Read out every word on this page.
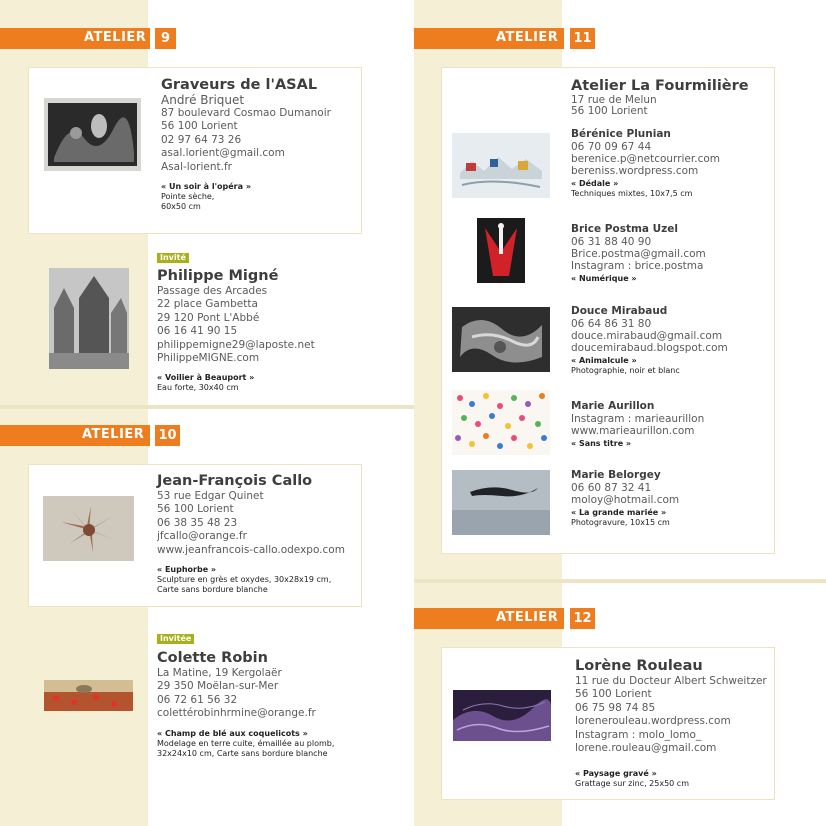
ATELIER	9
Graveurs de l'ASAL
André Briquet
87 boulevard Cosmao Dumanoir
56 100 Lorient
02 97 64 73 26
asal.lorient@gmail.com
Asal-lorient.fr
« Un soir à l'opéra »
Pointe sèche,
60x50 cm
Invité
Philippe Migné
Passage des Arcades
22 place Gambetta
29 120 Pont L'Abbé
06 16 41 90 15
philippemigne29@laposte.net
PhilippeMIGNE.com
« Voilier à Beauport »
Eau forte, 30x40 cm
ATELIER 10
Jean-François Callo
53 rue Edgar Quinet
56 100 Lorient
06 38 35 48 23
jfcallo@orange.fr
www.jeanfrancois-callo.odexpo.com
« Euphorbe »
Sculpture en grès et oxydes, 30x28x19 cm,
Carte sans bordure blanche
Invitée
Colette Robin
La Matine, 19 Kergolaër
29 350 Moëlan-sur-Mer
06 72 61 56 32
colettérobinhrmine@orange.fr
« Champ de blé aux coquelicots »
Modelage en terre cuite, émaillée au plomb,
32x24x10 cm, Carte sans bordure blanche
ATELIER 11
Atelier La Fourmilière
17 rue de Melun
56 100 Lorient
Bérénice Plunian
06 70 09 67 44
berenice.p@netcourrier.com
bereniss.wordpress.com
« Dédale »
Techniques mixtes, 10x7,5 cm
Brice Postma Uzel
06 31 88 40 90
Brice.postma@gmail.com
Instagram : brice.postma
« Numérique »
Douce Mirabaud
06 64 86 31 80
douce.mirabaud@gmail.com
doucemirabaud.blogspot.com
« Animalcule »
Photographie, noir et blanc
Marie Aurillon
Instagram : marieaurillon
www.marieaurillon.com
« Sans titre »
Marie Belorgey
06 60 87 32 41
moloy@hotmail.com
« La grande mariée »
Photogravure, 10x15 cm
ATELIER 12
Lorène Rouleau
11 rue du Docteur Albert Schweitzer
56 100 Lorient
06 75 98 74 85
lorenerouleau.wordpress.com
Instagram : molo_lomo_
lorene.rouleau@gmail.com
« Paysage gravé »
Grattage sur zinc, 25x50 cm
